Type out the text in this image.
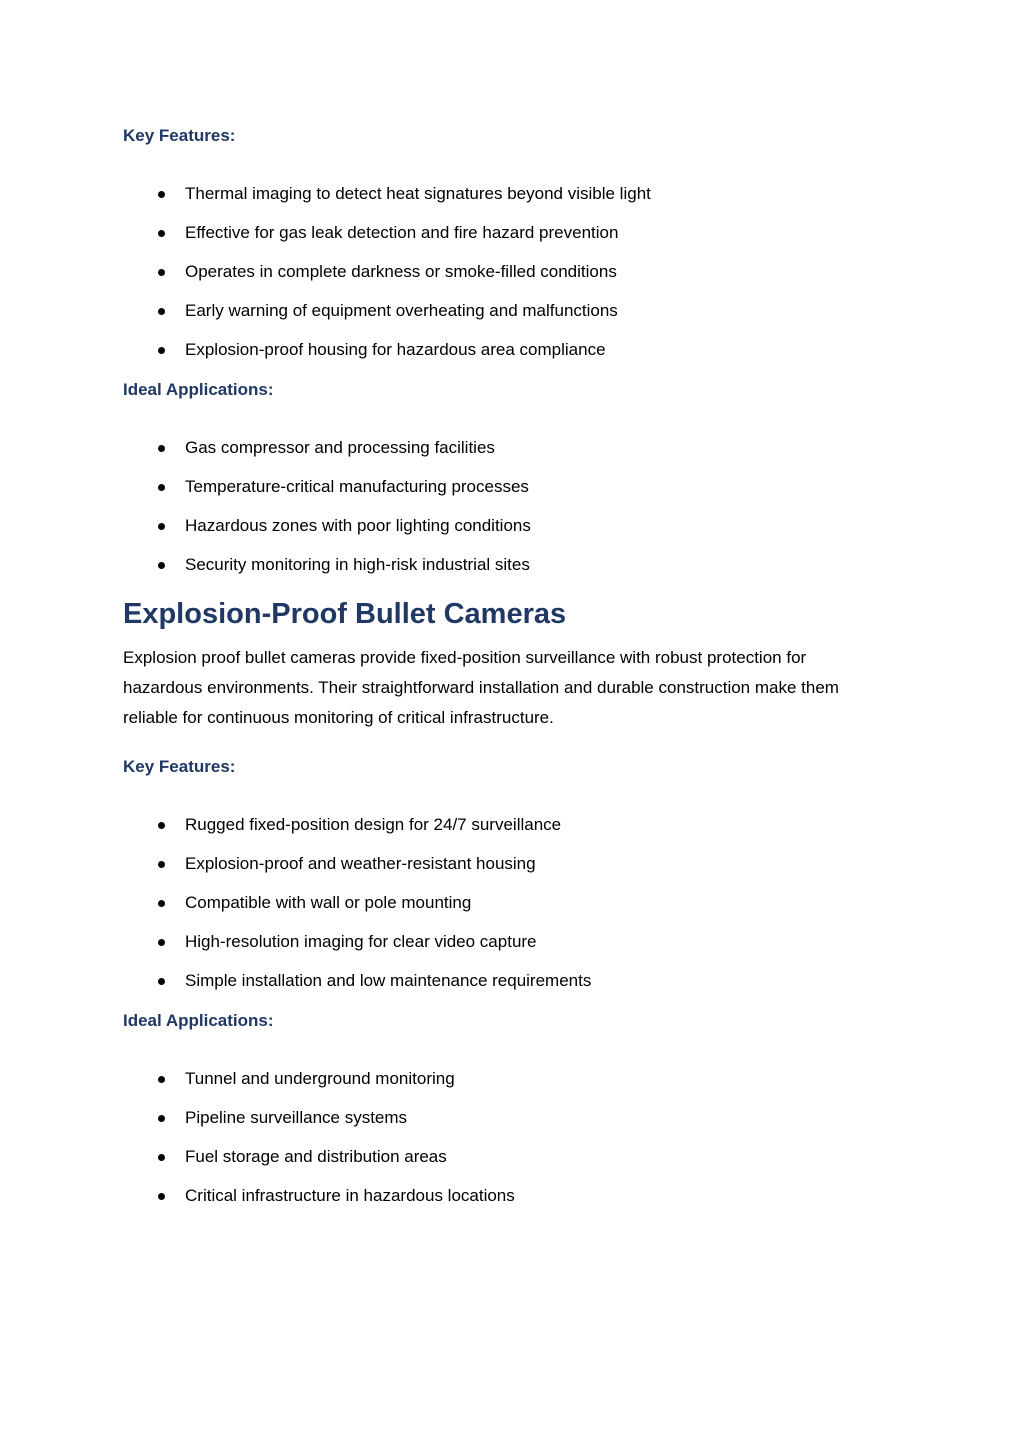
Key Features:
Thermal imaging to detect heat signatures beyond visible light
Effective for gas leak detection and fire hazard prevention
Operates in complete darkness or smoke-filled conditions
Early warning of equipment overheating and malfunctions
Explosion-proof housing for hazardous area compliance
Ideal Applications:
Gas compressor and processing facilities
Temperature-critical manufacturing processes
Hazardous zones with poor lighting conditions
Security monitoring in high-risk industrial sites
Explosion-Proof Bullet Cameras
Explosion proof bullet cameras provide fixed-position surveillance with robust protection for
hazardous environments. Their straightforward installation and durable construction make them
reliable for continuous monitoring of critical infrastructure.
Key Features:
Rugged fixed-position design for 24/7 surveillance
Explosion-proof and weather-resistant housing
Compatible with wall or pole mounting
High-resolution imaging for clear video capture
Simple installation and low maintenance requirements
Ideal Applications:
Tunnel and underground monitoring
Pipeline surveillance systems
Fuel storage and distribution areas
Critical infrastructure in hazardous locations
